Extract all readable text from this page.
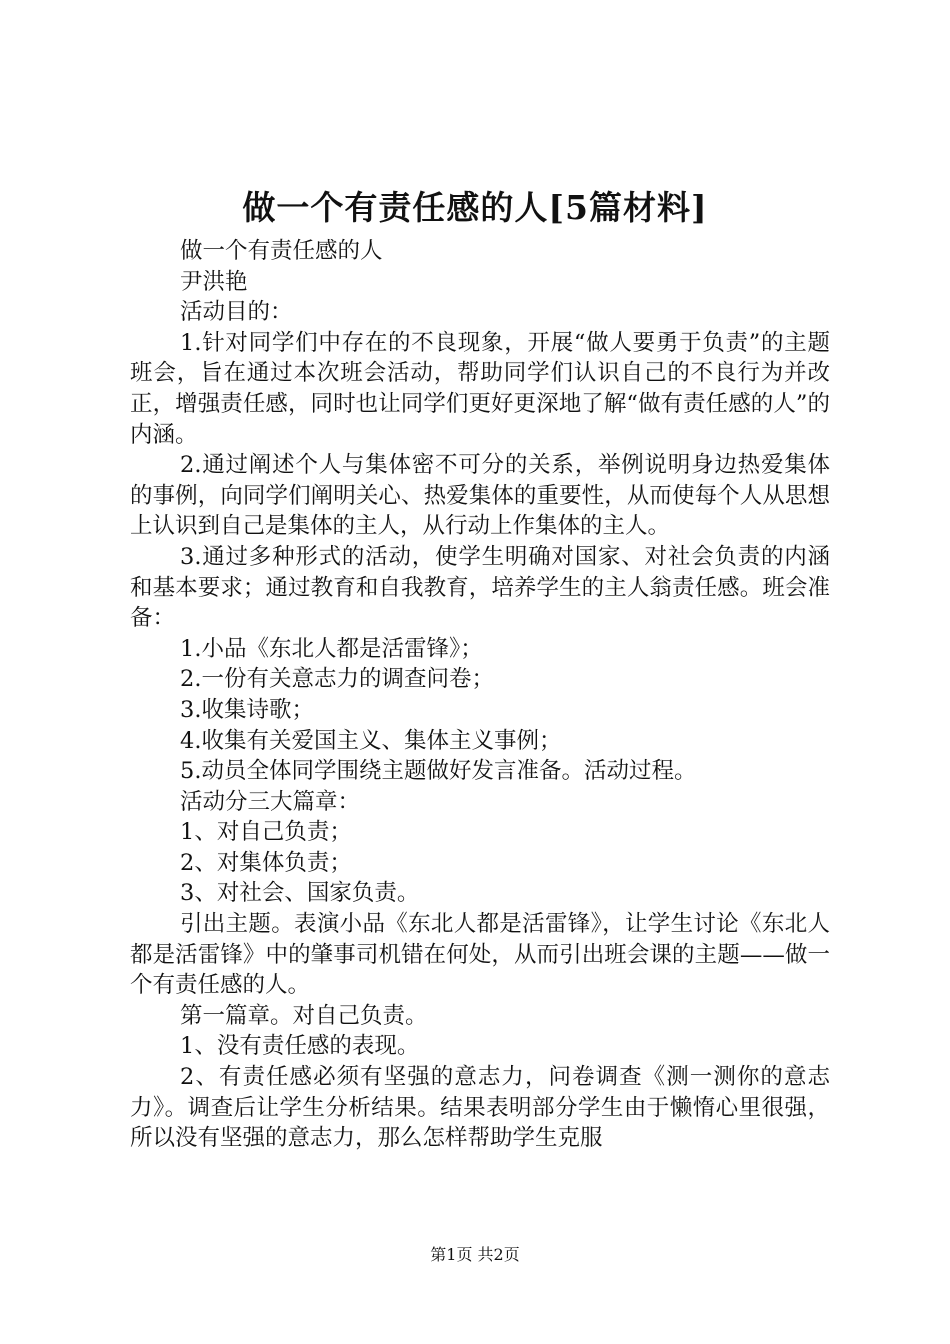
做一个有责任感的人[5篇材料]

做一个有责任感的人

尹洪艳

活动目的：

1.针对同学们中存在的不良现象，开展“做人要勇于负责”的主题班会，旨在通过本次班会活动，帮助同学们认识自己的不良行为并改正，增强责任感，同时也让同学们更好更深地了解“做有责任感的人”的内涵。

2.通过阐述个人与集体密不可分的关系，举例说明身边热爱集体的事例，向同学们阐明关心、热爱集体的重要性，从而使每个人从思想上认识到自己是集体的主人，从行动上作集体的主人。

3.通过多种形式的活动，使学生明确对国家、对社会负责的内涵和基本要求；通过教育和自我教育，培养学生的主人翁责任感。班会准备：

1.小品《东北人都是活雷锋》；

2.一份有关意志力的调查问卷；

3.收集诗歌；

4.收集有关爱国主义、集体主义事例；

5.动员全体同学围绕主题做好发言准备。活动过程。

活动分三大篇章：

1、对自己负责；

2、对集体负责；

3、对社会、国家负责。

引出主题。表演小品《东北人都是活雷锋》，让学生讨论《东北人都是活雷锋》中的肇事司机错在何处，从而引出班会课的主题——做一个有责任感的人。

第一篇章。对自己负责。

1、没有责任感的表现。

2、有责任感必须有坚强的意志力，问卷调查《测一测你的意志力》。调查后让学生分析结果。结果表明部分学生由于懒惰心里很强，所以没有坚强的意志力，那么怎样帮助学生克服

第1页 共2页
